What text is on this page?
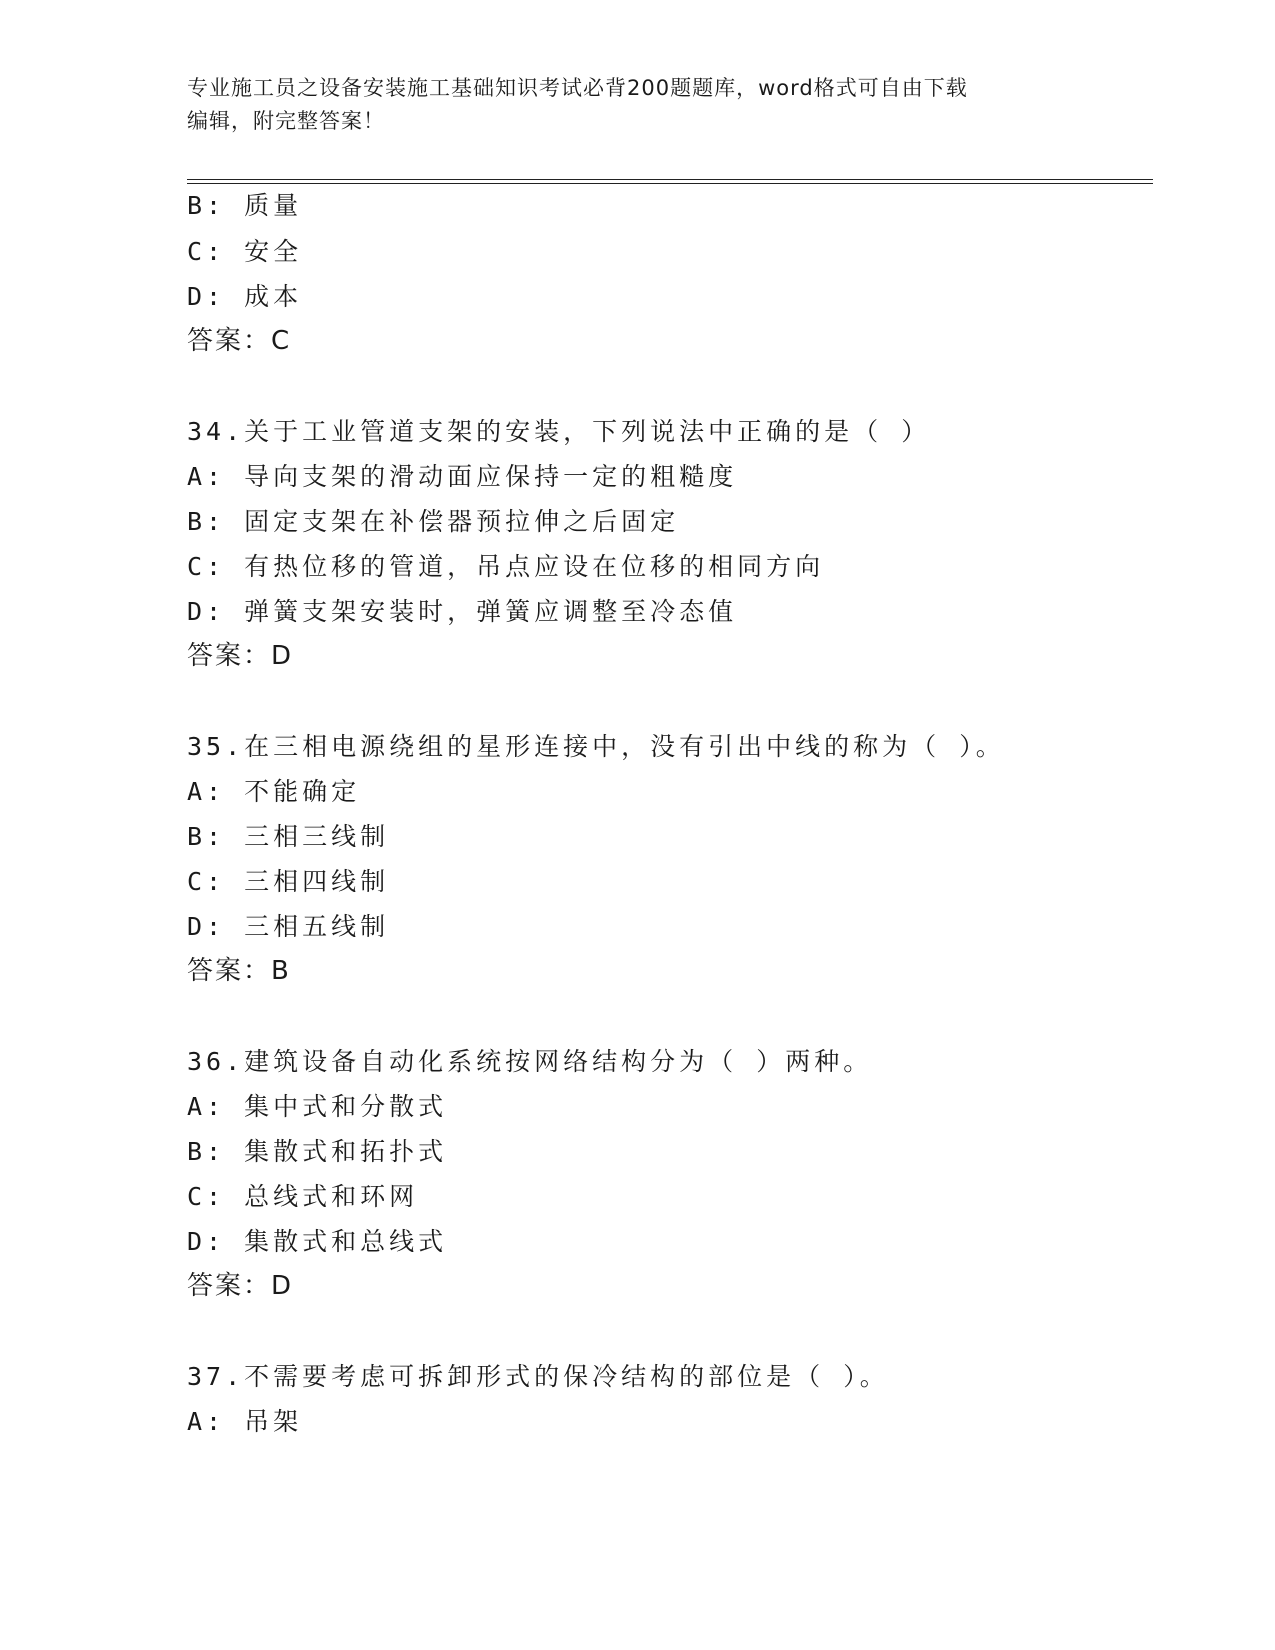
专业施工员之设备安装施工基础知识考试必背200题题库，word格式可自由下载
编辑，附完整答案！
B: 质量
C: 安全
D: 成本
答案：C
34.关于工业管道支架的安装，下列说法中正确的是（ ）
A: 导向支架的滑动面应保持一定的粗糙度
B: 固定支架在补偿器预拉伸之后固定
C: 有热位移的管道，吊点应设在位移的相同方向
D: 弹簧支架安装时，弹簧应调整至冷态值
答案：D
35.在三相电源绕组的星形连接中，没有引出中线的称为（ ）。
A: 不能确定
B: 三相三线制
C: 三相四线制
D: 三相五线制
答案：B
36.建筑设备自动化系统按网络结构分为（ ）两种。
A: 集中式和分散式
B: 集散式和拓扑式
C: 总线式和环网
D: 集散式和总线式
答案：D
37.不需要考虑可拆卸形式的保冷结构的部位是（ ）。
A: 吊架
